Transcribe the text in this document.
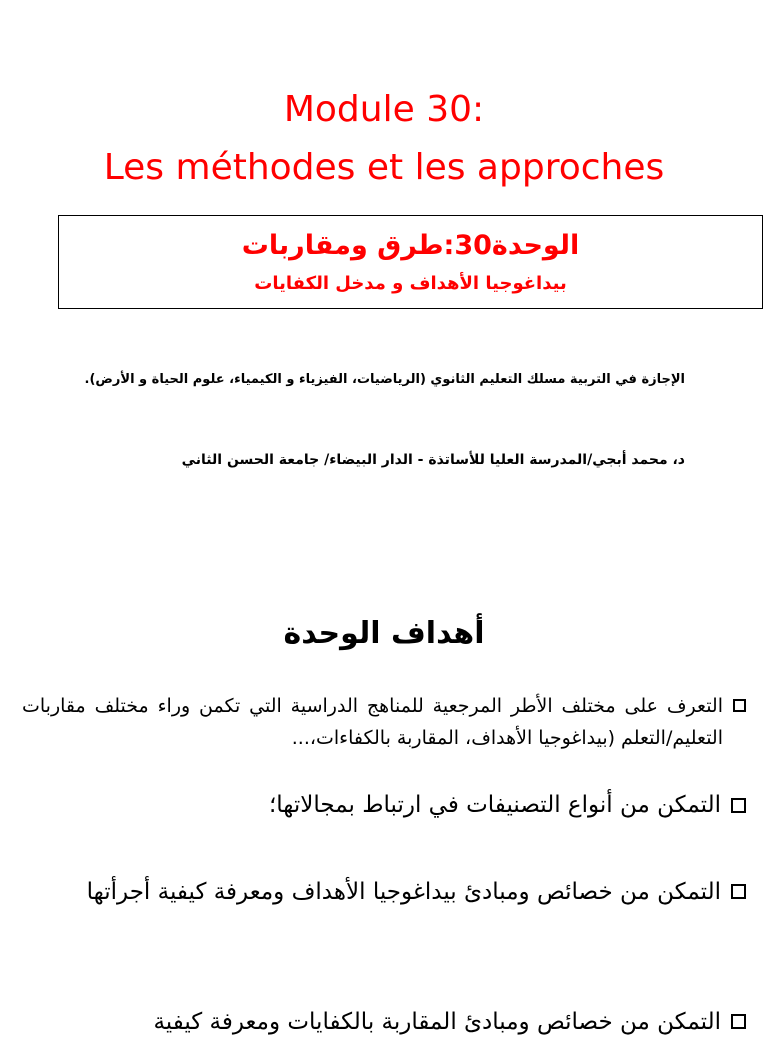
Module 30:
Les méthodes et les approches
الوحدة30:طرق ومقاربات
بيداغوجيا الأهداف و مدخل الكفايات
الإجازة في التربية مسلك التعليم الثانوي (الرياضيات، الفيزياء و الكيمياء، علوم الحياة و الأرض).
د، محمد أبجي/المدرسة العليا للأساتذة - الدار البيضاء/ جامعة الحسن الثاني
أهداف الوحدة
التعرف على مختلف الأطر المرجعية للمناهج الدراسية التي تكمن وراء مختلف مقاربات التعليم/التعلم (بيداغوجيا الأهداف، المقاربة بالكفاءات،...
التمكن من أنواع التصنيفات في ارتباط بمجالاتها؛
التمكن من خصائص ومبادئ بيداغوجيا الأهداف ومعرفة كيفية أجرأتها
التمكن من خصائص ومبادئ المقاربة بالكفايات ومعرفة كيفية
